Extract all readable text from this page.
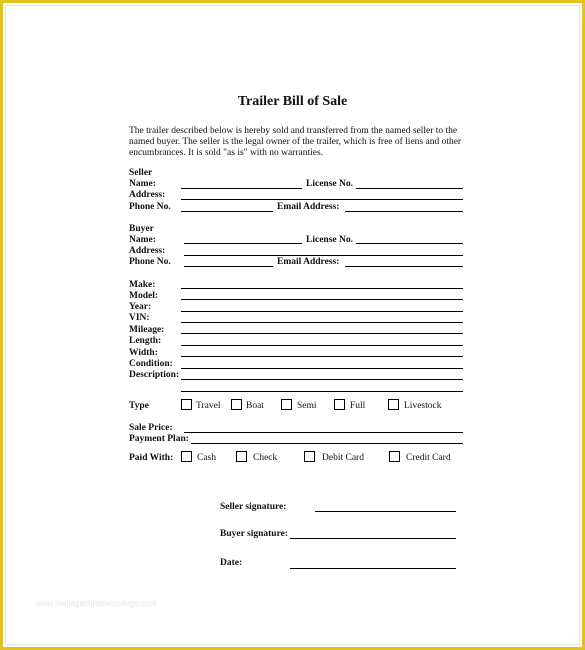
Trailer Bill of Sale
The trailer described below is hereby sold and transferred from the named seller to the
named buyer. The seller is the legal owner of the trailer, which is free of liens and other
encumbrances. It is sold "as is" with no warranties.
Seller
Name:	License No.
Address:
Phone No.	Email Address:
Buyer
Name:	License No.
Address:
Phone No.	Email Address:
Make:
Model:
Year:
VIN:
Mileage:
Length:
Width:
Condition:
Description:
Type	Travel	Boat	Semi	Full	Livestock
Sale Price:
Payment Plan:
Paid With: Cash	Check	Debit Card	Credit Card
Seller signature:
Buyer signature:
Date:
www.heritagechristiancollege.com
